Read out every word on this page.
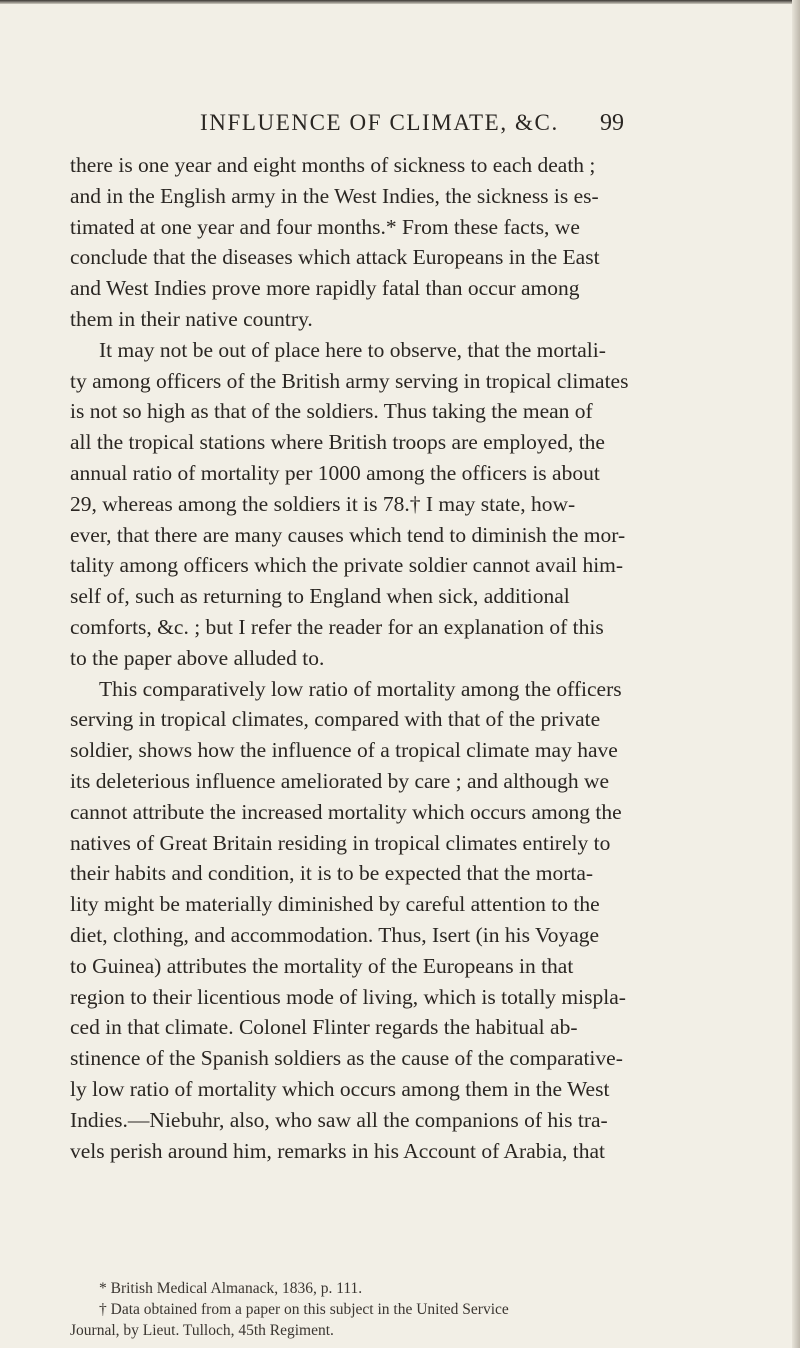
INFLUENCE OF CLIMATE, &C. 99
there is one year and eight months of sickness to each death ;
and in the English army in the West Indies, the sickness is es-
timated at one year and four months.* From these facts, we
conclude that the diseases which attack Europeans in the East
and West Indies prove more rapidly fatal than occur among
them in their native country.
It may not be out of place here to observe, that the mortali-
ty among officers of the British army serving in tropical climates
is not so high as that of the soldiers. Thus taking the mean of
all the tropical stations where British troops are employed, the
annual ratio of mortality per 1000 among the officers is about
29, whereas among the soldiers it is 78.† I may state, how-
ever, that there are many causes which tend to diminish the mor-
tality among officers which the private soldier cannot avail him-
self of, such as returning to England when sick, additional
comforts, &c. ; but I refer the reader for an explanation of this
to the paper above alluded to.
This comparatively low ratio of mortality among the officers
serving in tropical climates, compared with that of the private
soldier, shows how the influence of a tropical climate may have
its deleterious influence ameliorated by care ; and although we
cannot attribute the increased mortality which occurs among the
natives of Great Britain residing in tropical climates entirely to
their habits and condition, it is to be expected that the morta-
lity might be materially diminished by careful attention to the
diet, clothing, and accommodation. Thus, Isert (in his Voyage
to Guinea) attributes the mortality of the Europeans in that
region to their licentious mode of living, which is totally mispla-
ced in that climate. Colonel Flinter regards the habitual ab-
stinence of the Spanish soldiers as the cause of the comparative-
ly low ratio of mortality which occurs among them in the West
Indies.—Niebuhr, also, who saw all the companions of his tra-
vels perish around him, remarks in his Account of Arabia, that
* British Medical Almanack, 1836, p. 111.
† Data obtained from a paper on this subject in the United Service
Journal, by Lieut. Tulloch, 45th Regiment.
